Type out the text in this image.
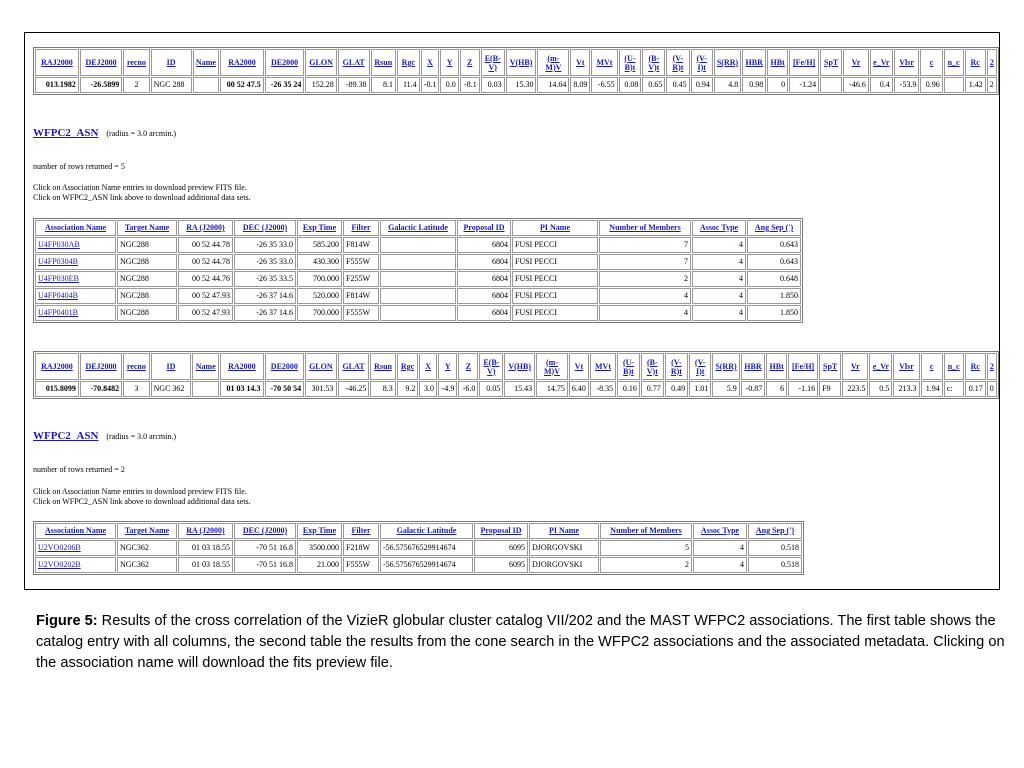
RAJ2000	DEJ2000	recno	ID	Name	RA2000	DE2000	GLON	GLAT	Rsun	Rgc	X	Y	Z	E(B-V)	V(HB)	(m-M)V	Vt	MVt	(U-B)t	(B-V)t	(V-R)t	(V-I)t	S(RR)	HBR	HBt	[Fe/H]	SpT	Vr	e_Vr	Vlsr	c	n_c	Rc	2
013.1982	-26.5899	2	NGC 288		00 52 47.5	-26 35 24	152.28	-89.38	8.1	11.4	-0.1	0.0	-8.1	0.03	15.30	14.64	8.09	-6.55	0.08	0.65	0.45	0.94	4.8	0.98	0	-1.24		-46.6	0.4	-53.9	0.96		1.42	2
WFPC2_ASN (radius = 3.0 arcmin.)
number of rows returned = 5
Click on Association Name entries to download preview FITS file.
Click on WFPC2_ASN link above to download additional data sets.
Association Name	Target Name	RA (J2000)	DEC (J2000)	Exp Time	Filter	Galactic Latitude	Proposal ID	PI Name	Number of Members	Assoc Type	Ang Sep (')
U4FP030AB	NGC288	00 52 44.78	-26 35 33.0	585.200	F814W		6804	FUSI PECCI	7	4	0.643
U4FP0304B	NGC288	00 52 44.78	-26 35 33.0	430.300	F555W		6804	FUSI PECCI	7	4	0.643
U4FP030EB	NGC288	00 52 44.76	-26 35 33.5	700.000	F255W		6804	FUSI PECCI	2	4	0.648
U4FP0404B	NGC288	00 52 47.93	-26 37 14.6	520.000	F814W		6804	FUSI PECCI	4	4	1.850
U4FP0401B	NGC288	00 52 47.93	-26 37 14.6	700.000	F555W		6804	FUSI PECCI	4	4	1.850
RAJ2000	DEJ2000	recno	ID	Name	RA2000	DE2000	GLON	GLAT	Rsun	Rgc	X	Y	Z	E(B-V)	V(HB)	(m-M)V	Vt	MVt	(U-B)t	(B-V)t	(V-R)t	(V-I)t	S(RR)	HBR	HBt	[Fe/H]	SpT	Vr	e_Vr	Vlsr	c	n_c	Rc	2
015.8099	-70.8482	3	NGC 362		01 03 14.3	-70 50 54	301.53	-46.25	8.3	9.2	3.0	-4.9	-6.0	0.05	15.43	14.75	6.40	-8.35	0.16	0.77	0.49	1.01	5.9	-0.87	6	-1.16	F9	223.5	0.5	213.3	1.94	c:	0.17	0
WFPC2_ASN (radius = 3.0 arcmin.)
number of rows returned = 2
Click on Association Name entries to download preview FITS file.
Click on WFPC2_ASN link above to download additional data sets.
Association Name	Target Name	RA (J2000)	DEC (J2000)	Exp Time	Filter	Galactic Latitude	Proposal ID	PI Name	Number of Members	Assoc Type	Ang Sep (')
U2VO0206B	NGC362	01 03 18.55	-70 51 16.8	3500.000	F218W	-56.575676529914674	6095	DJORGOVSKI	5	4	0.518
U2VO0202B	NGC362	01 03 18.55	-70 51 16.8	21.000	F555W	-56.575676529914674	6095	DJORGOVSKI	2	4	0.518
Figure 5: Results of the cross correlation of the VizieR globular cluster catalog VII/202 and the MAST WFPC2 associations. The first table shows the catalog entry with all columns, the second table the results from the cone search in the WFPC2 associations and the associated metadata. Clicking on the association name will download the fits preview file.
